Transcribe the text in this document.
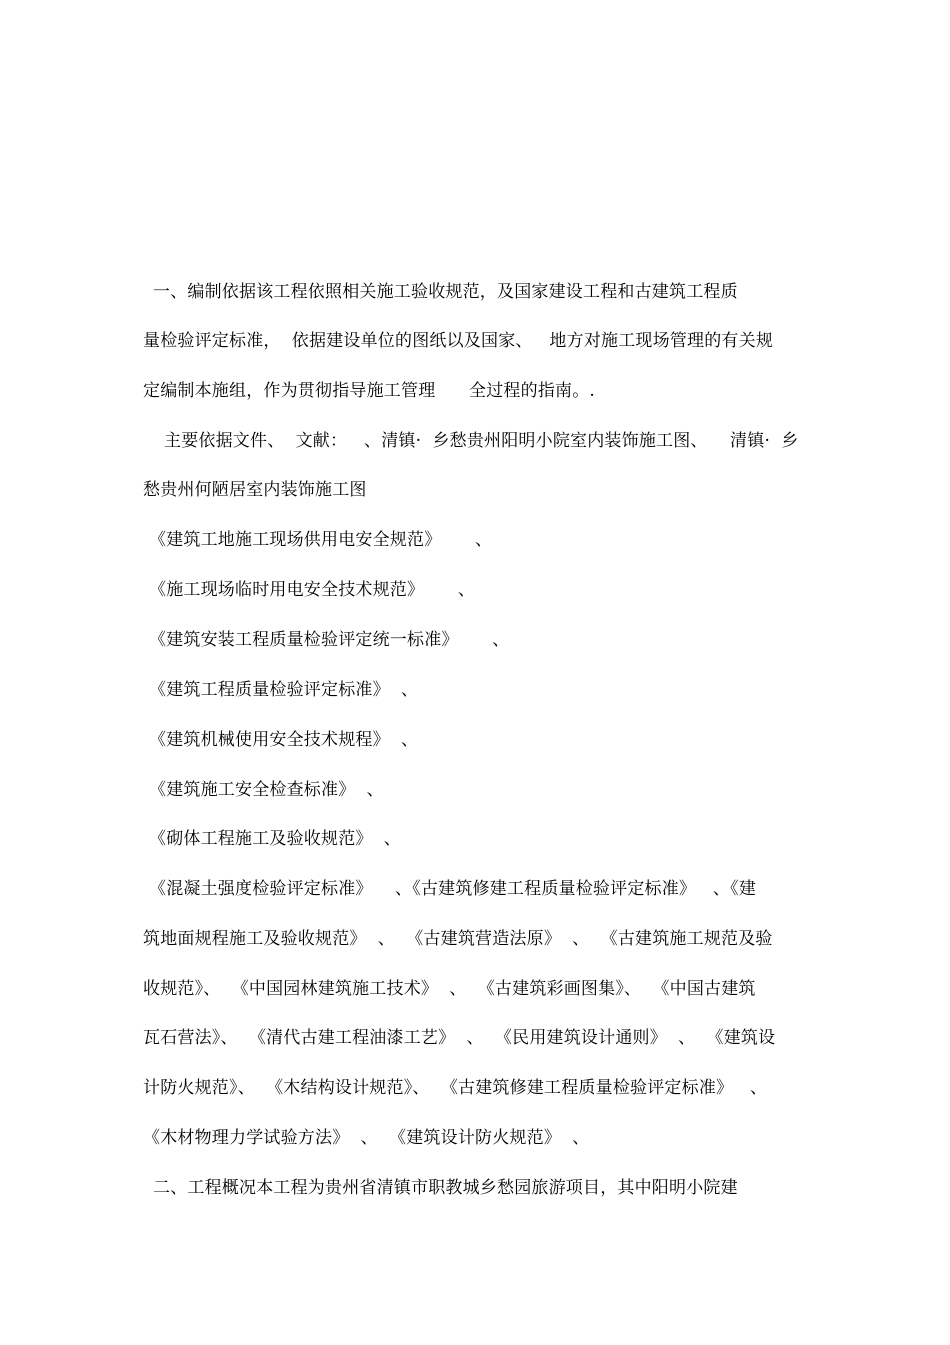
一、编制依据该工程依照相关施工验收规范，及国家建设工程和古建筑工程质
量检验评定标准，  依据建设单位的图纸以及国家、   地方对施工现场管理的有关规
定编制本施组，作为贯彻指导施工管理      全过程的指南。.
主要依据文件、  文献：   、清镇·  乡愁贵州阳明小院室内装饰施工图、    清镇·  乡
愁贵州何陋居室内装饰施工图
《建筑工地施工现场供用电安全规范》      、
《施工现场临时用电安全技术规范》      、
《建筑安装工程质量检验评定统一标准》      、
《建筑工程质量检验评定标准》  、
《建筑机械使用安全技术规程》  、
《建筑施工安全检查标准》  、
《砌体工程施工及验收规范》  、
《混凝土强度检验评定标准》    、《古建筑修建工程质量检验评定标准》   、《建
筑地面规程施工及验收规范》  、  《古建筑营造法原》  、  《古建筑施工规范及验
收规范》、  《中国园林建筑施工技术》  、  《古建筑彩画图集》、  《中国古建筑
瓦石营法》、  《清代古建工程油漆工艺》  、  《民用建筑设计通则》  、  《建筑设
计防火规范》、  《木结构设计规范》、  《古建筑修建工程质量检验评定标准》   、
《木材物理力学试验方法》  、  《建筑设计防火规范》  、
二、工程概况本工程为贵州省清镇市职教城乡愁园旅游项目，其中阳明小院建
